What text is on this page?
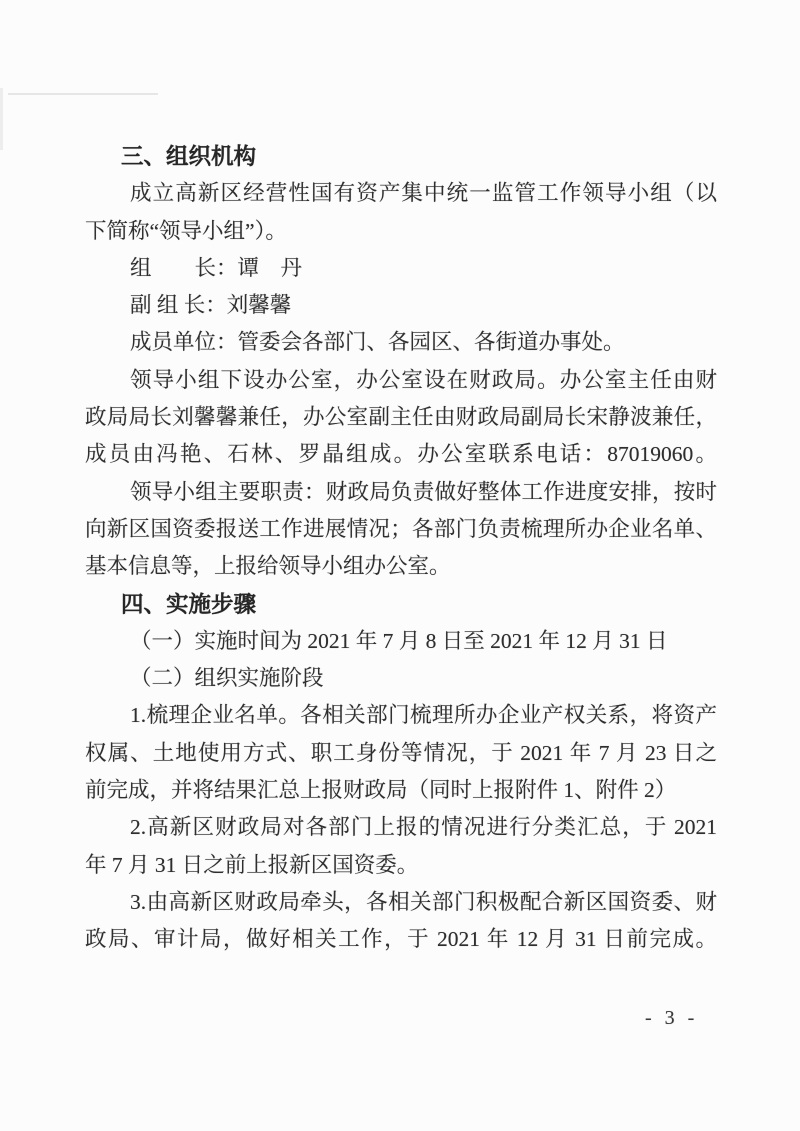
三、组织机构

成立高新区经营性国有资产集中统一监管工作领导小组（以

下简称“领导小组”）。

组　　长：谭　丹

副 组 长：刘馨馨

成员单位：管委会各部门、各园区、各街道办事处。

领导小组下设办公室，办公室设在财政局。办公室主任由财

政局局长刘馨馨兼任，办公室副主任由财政局副局长宋静波兼任，

成员由冯艳、石林、罗晶组成。办公室联系电话：87019060。

领导小组主要职责：财政局负责做好整体工作进度安排，按时

向新区国资委报送工作进展情况；各部门负责梳理所办企业名单、

基本信息等，上报给领导小组办公室。

四、实施步骤

（一）实施时间为 2021 年 7 月 8 日至 2021 年 12 月 31 日

（二）组织实施阶段

1.梳理企业名单。各相关部门梳理所办企业产权关系，将资产

权属、土地使用方式、职工身份等情况，于 2021 年 7 月 23 日之

前完成，并将结果汇总上报财政局（同时上报附件 1、附件 2）

2.高新区财政局对各部门上报的情况进行分类汇总，于 2021

年 7 月 31 日之前上报新区国资委。

3.由高新区财政局牵头，各相关部门积极配合新区国资委、财

政局、审计局，做好相关工作，于 2021 年 12 月 31 日前完成。

- 3 -
